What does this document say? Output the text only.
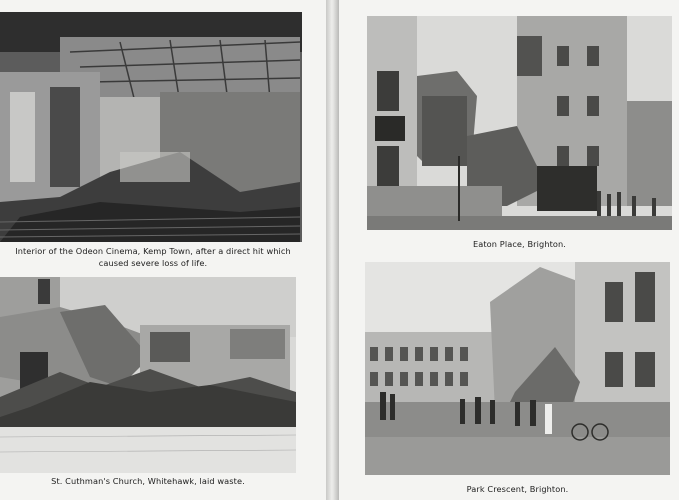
Interior of the Odeon Cinema, Kemp Town, after a direct hit which
caused severe loss of life.
St. Cuthman's Church, Whitehawk, laid waste.
Eaton Place, Brighton.
Park Crescent, Brighton.
